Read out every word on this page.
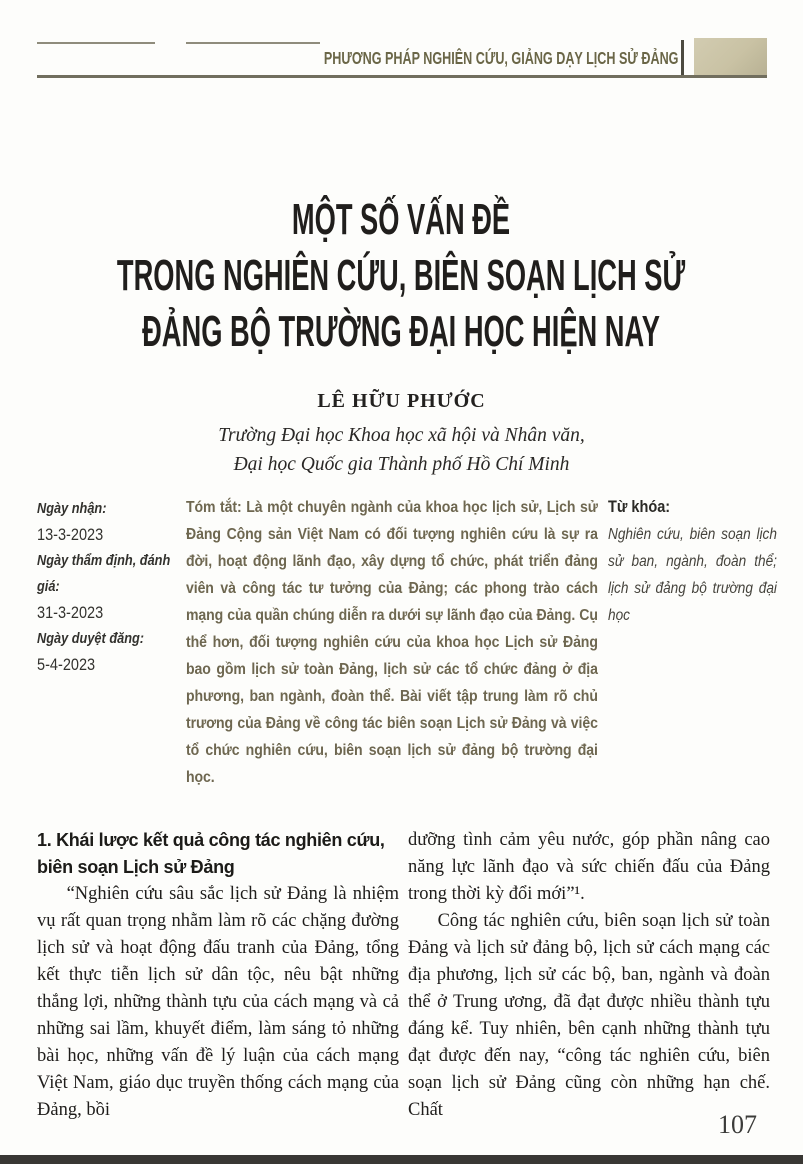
PHƯƠNG PHÁP NGHIÊN CỨU, GIẢNG DẠY LỊCH SỬ ĐẢNG
MỘT SỐ VẤN ĐỀ
TRONG NGHIÊN CỨU, BIÊN SOẠN LỊCH SỬ
ĐẢNG BỘ TRƯỜNG ĐẠI HỌC HIỆN NAY
LÊ HỮU PHƯỚC
Trường Đại học Khoa học xã hội và Nhân văn,
Đại học Quốc gia Thành phố Hồ Chí Minh
Ngày nhận:
13-3-2023
Ngày thẩm định, đánh giá:
31-3-2023
Ngày duyệt đăng:
5-4-2023
Tóm tắt: Là một chuyên ngành của khoa học lịch sử, Lịch sử Đảng Cộng sản Việt Nam có đối tượng nghiên cứu là sự ra đời, hoạt động lãnh đạo, xây dựng tổ chức, phát triển đảng viên và công tác tư tưởng của Đảng; các phong trào cách mạng của quần chúng diễn ra dưới sự lãnh đạo của Đảng. Cụ thể hơn, đối tượng nghiên cứu của khoa học Lịch sử Đảng bao gồm lịch sử toàn Đảng, lịch sử các tổ chức đảng ở địa phương, ban ngành, đoàn thể. Bài viết tập trung làm rõ chủ trương của Đảng về công tác biên soạn Lịch sử Đảng và việc tổ chức nghiên cứu, biên soạn lịch sử đảng bộ trường đại học.
Từ khóa:
Nghiên cứu, biên soạn lịch sử ban, ngành, đoàn thể; lịch sử đảng bộ trường đại học

1. Khái lược kết quả công tác nghiên cứu, biên soạn Lịch sử Đảng

“Nghiên cứu sâu sắc lịch sử Đảng là nhiệm vụ rất quan trọng nhằm làm rõ các chặng đường lịch sử và hoạt động đấu tranh của Đảng, tổng kết thực tiễn lịch sử dân tộc, nêu bật những thắng lợi, những thành tựu của cách mạng và cả những sai lầm, khuyết điểm, làm sáng tỏ những bài học, những vấn đề lý luận của cách mạng Việt Nam, giáo dục truyền thống cách mạng của Đảng, bồi

dưỡng tình cảm yêu nước, góp phần nâng cao năng lực lãnh đạo và sức chiến đấu của Đảng trong thời kỳ đổi mới”¹.

Công tác nghiên cứu, biên soạn lịch sử toàn Đảng và lịch sử đảng bộ, lịch sử cách mạng các địa phương, lịch sử các bộ, ban, ngành và đoàn thể ở Trung ương, đã đạt được nhiều thành tựu đáng kể. Tuy nhiên, bên cạnh những thành tựu đạt được đến nay, “công tác nghiên cứu, biên soạn lịch sử Đảng cũng còn những hạn chế. Chất	107
